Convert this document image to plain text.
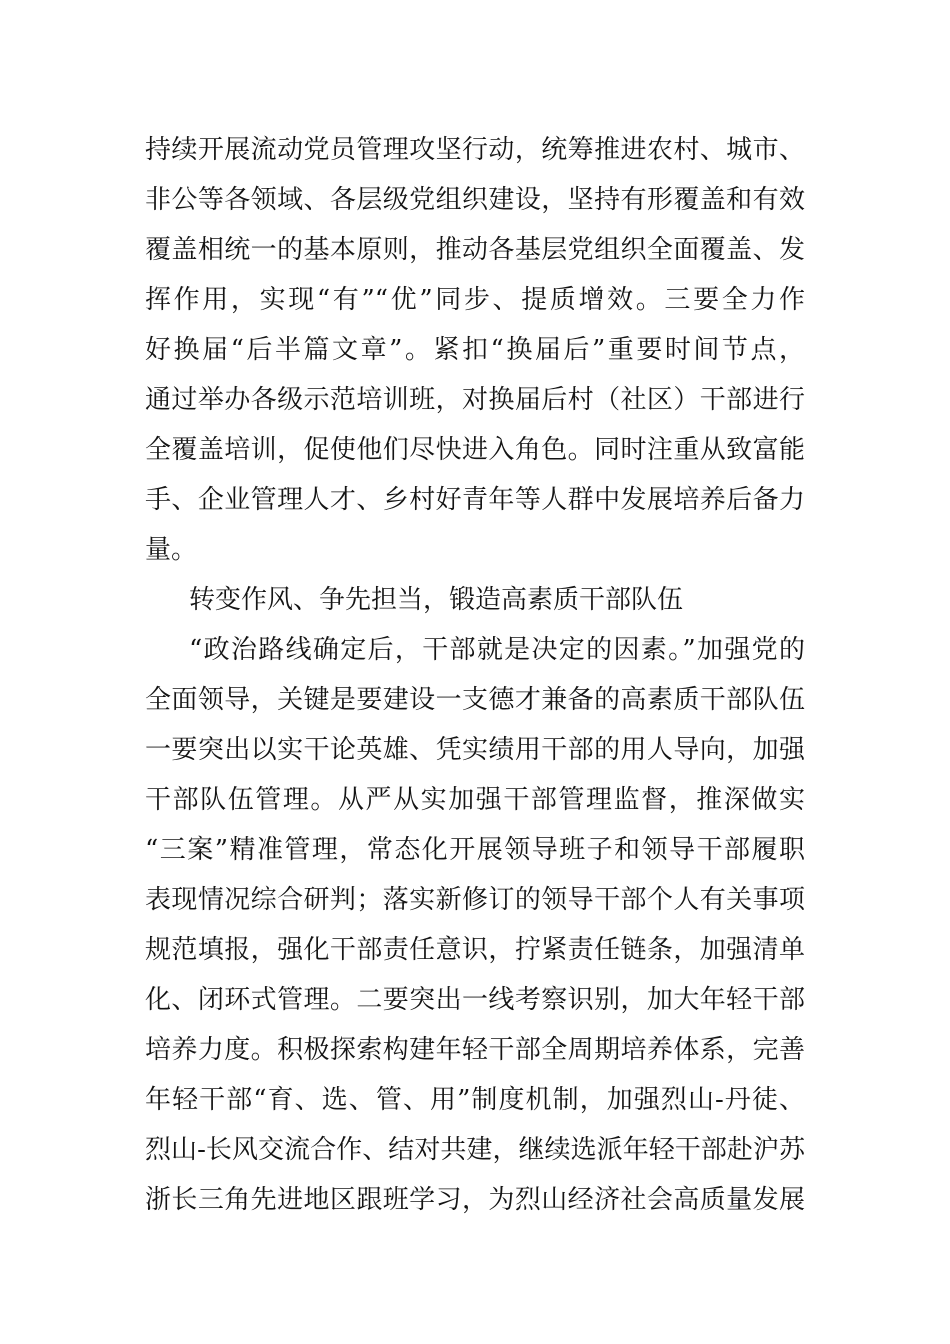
持续开展流动党员管理攻坚行动，统筹推进农村、城市、
非公等各领域、各层级党组织建设，坚持有形覆盖和有效
覆盖相统一的基本原则，推动各基层党组织全面覆盖、发
挥作用，实现“有”“优”同步、提质增效。三要全力作
好换届“后半篇文章”。紧扣“换届后”重要时间节点，
通过举办各级示范培训班，对换届后村（社区）干部进行
全覆盖培训，促使他们尽快进入角色。同时注重从致富能
手、企业管理人才、乡村好青年等人群中发展培养后备力
量。
转变作风、争先担当，锻造高素质干部队伍
“政治路线确定后，干部就是决定的因素。”加强党的
全面领导，关键是要建设一支德才兼备的高素质干部队伍
一要突出以实干论英雄、凭实绩用干部的用人导向，加强
干部队伍管理。从严从实加强干部管理监督，推深做实
“三案”精准管理，常态化开展领导班子和领导干部履职
表现情况综合研判；落实新修订的领导干部个人有关事项
规范填报，强化干部责任意识，拧紧责任链条，加强清单
化、闭环式管理。二要突出一线考察识别，加大年轻干部
培养力度。积极探索构建年轻干部全周期培养体系，完善
年轻干部“育、选、管、用”制度机制，加强烈山-丹徒、
烈山-长风交流合作、结对共建，继续选派年轻干部赴沪苏
浙长三角先进地区跟班学习，为烈山经济社会高质量发展
